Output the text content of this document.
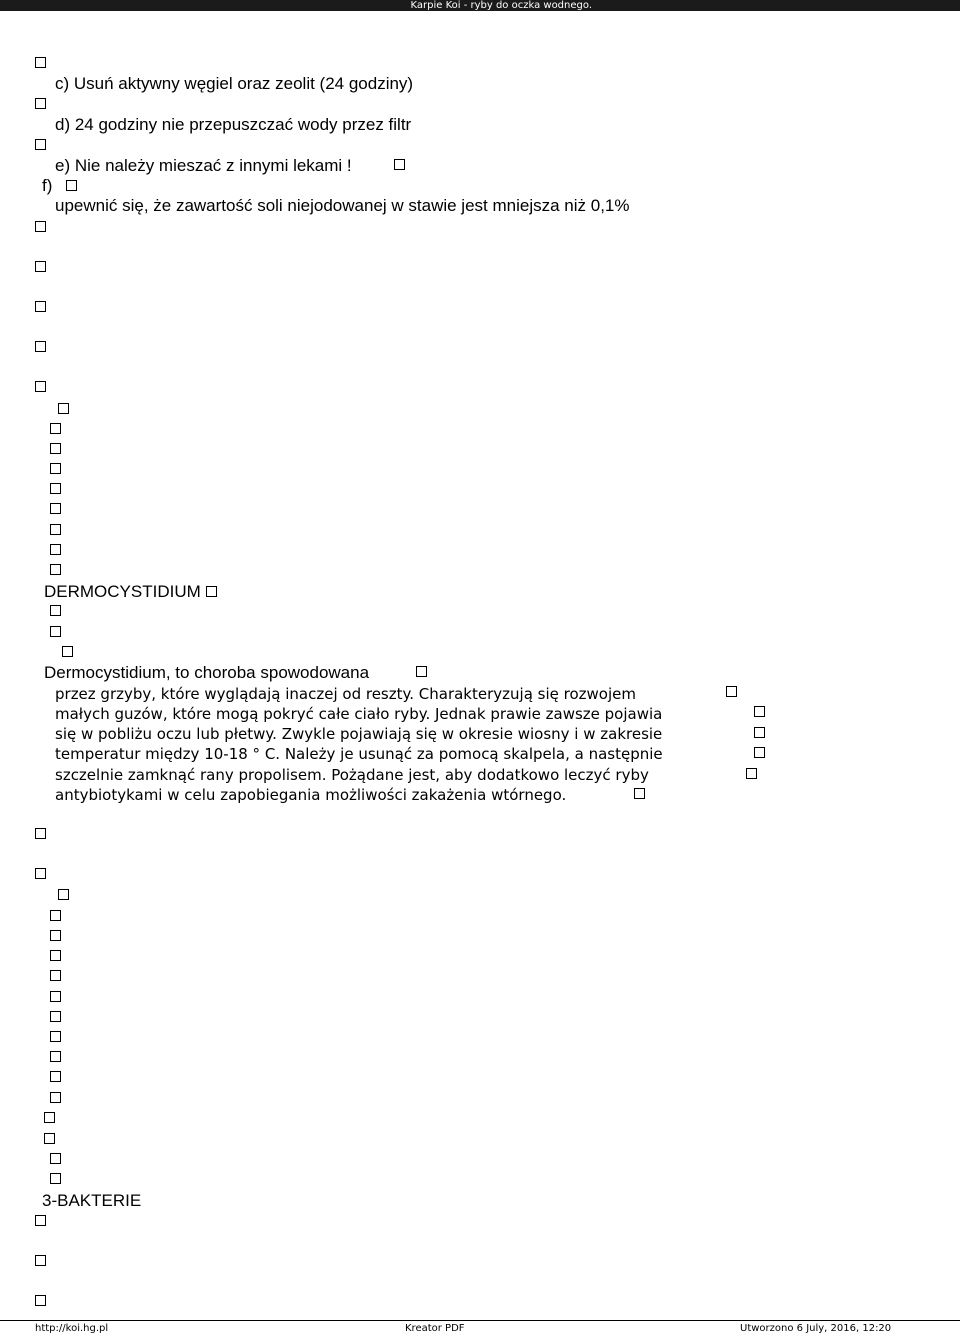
Karpie Koi - ryby do oczka wodnego.
c) Usuń aktywny węgiel oraz zeolit (24 godziny)
d) 24 godziny nie przepuszczać wody przez filtr
e) Nie należy mieszać z innymi lekami !
f)
upewnić się, że zawartość soli niejodowanej w stawie jest mniejsza niż 0,1%
DERMOCYSTIDIUM
Dermocystidium, to choroba spowodowana
przez grzyby, które wyglądają inaczej od reszty. Charakteryzują się rozwojem
małych guzów, które mogą pokryć całe ciało ryby. Jednak prawie zawsze pojawia
się w pobliżu oczu lub płetwy. Zwykle pojawiają się w okresie wiosny i w zakresie
temperatur między 10-18 ° C. Należy je usunąć za pomocą skalpela, a następnie
szczelnie zamknąć rany propolisem. Pożądane jest, aby dodatkowo leczyć ryby
antybiotykami w celu zapobiegania możliwości zakażenia wtórnego.
3-BAKTERIE
http://koi.hg.pl	Kreator PDF	Utworzono 6 July, 2016, 12:20
